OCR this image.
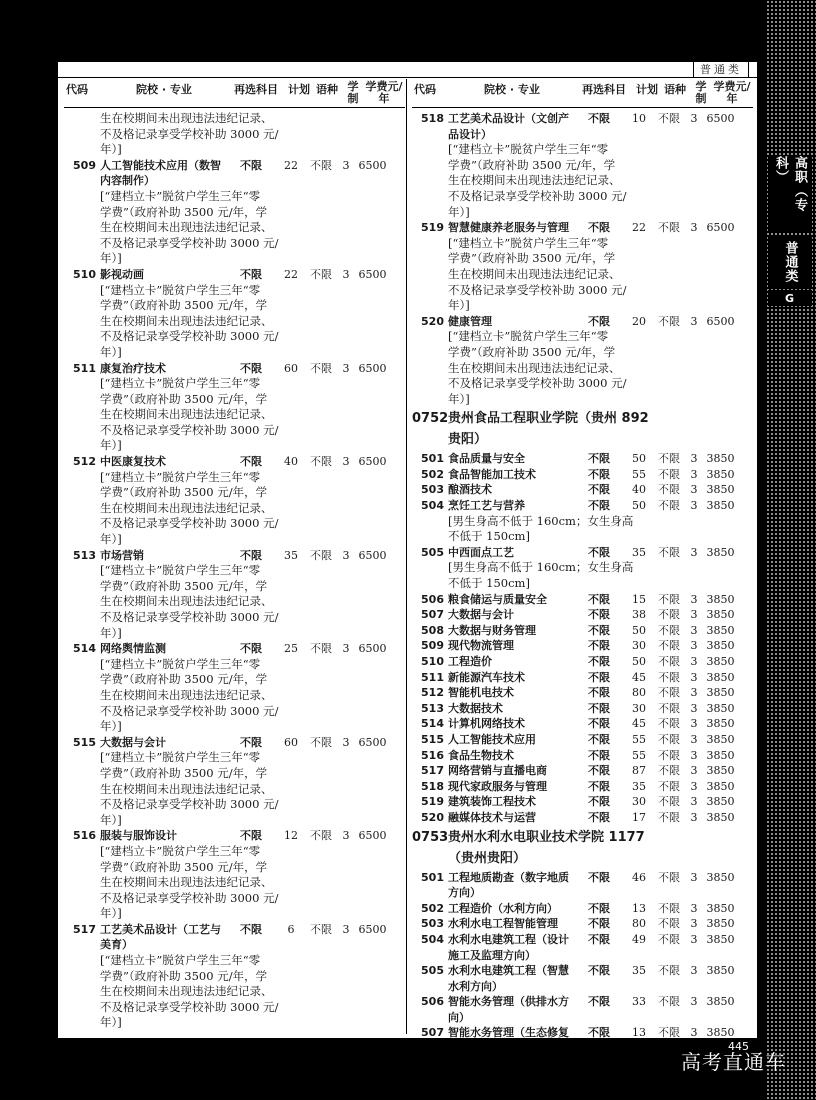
普通类
代码	院校 · 专业	再选科目 计划 语种 学制
学费元/年
生在校期间未出现违法违纪记录、
不及格记录享受学校补助 3000 元/
年）]
509 人工智能技术应用（数智	不限	22	不限 3 6500
内容制作）
[“建档立卡”脱贫户学生三年“零
学费”（政府补助 3500 元/年，学
生在校期间未出现违法违纪记录、
不及格记录享受学校补助 3000 元/
年）]
510 影视动画	不限	22	不限 3 6500
[“建档立卡”脱贫户学生三年“零
学费”（政府补助 3500 元/年，学
生在校期间未出现违法违纪记录、
不及格记录享受学校补助 3000 元/
年）]
511 康复治疗技术	不限	60	不限 3 6500
[“建档立卡”脱贫户学生三年“零
学费”（政府补助 3500 元/年，学
生在校期间未出现违法违纪记录、
不及格记录享受学校补助 3000 元/
年）]
512 中医康复技术	不限	40	不限 3 6500
[“建档立卡”脱贫户学生三年“零
学费”（政府补助 3500 元/年，学
生在校期间未出现违法违纪记录、
不及格记录享受学校补助 3000 元/
年）]
513 市场营销	不限	35	不限 3 6500
[“建档立卡”脱贫户学生三年“零
学费”（政府补助 3500 元/年，学
生在校期间未出现违法违纪记录、
不及格记录享受学校补助 3000 元/
年）]
514 网络舆情监测	不限	25	不限 3 6500
[“建档立卡”脱贫户学生三年“零
学费”（政府补助 3500 元/年，学
生在校期间未出现违法违纪记录、
不及格记录享受学校补助 3000 元/
年）]
515 大数据与会计	不限	60	不限 3 6500
[“建档立卡”脱贫户学生三年“零
学费”（政府补助 3500 元/年，学
生在校期间未出现违法违纪记录、
不及格记录享受学校补助 3000 元/
年）]
516 服装与服饰设计	不限	12	不限 3 6500
[“建档立卡”脱贫户学生三年“零
学费”（政府补助 3500 元/年，学
生在校期间未出现违法违纪记录、
不及格记录享受学校补助 3000 元/
年）]
517 工艺美术品设计（工艺与	不限	6	不限 3 6500
美育）
[“建档立卡”脱贫户学生三年“零
学费”（政府补助 3500 元/年，学
生在校期间未出现违法违纪记录、
不及格记录享受学校补助 3000 元/
年）]
代码	院校 · 专业	再选科目 计划 语种 学制
学费元/年
518 工艺美术品设计（文创产	不限	10	不限 3 6500
品设计）
[“建档立卡”脱贫户学生三年“零
学费”（政府补助 3500 元/年，学
生在校期间未出现违法违纪记录、
不及格记录享受学校补助 3000 元/
年）]
519 智慧健康养老服务与管理	不限	22	不限 3 6500
[“建档立卡”脱贫户学生三年“零
学费”（政府补助 3500 元/年，学
生在校期间未出现违法违纪记录、
不及格记录享受学校补助 3000 元/
年）]
520 健康管理	不限	20	不限 3 6500
[“建档立卡”脱贫户学生三年“零
学费”（政府补助 3500 元/年，学
生在校期间未出现违法违纪记录、
不及格记录享受学校补助 3000 元/
年）]
0752 贵州食品工程职业学院（贵州 892
贵阳）
501 食品质量与安全	不限	50	不限 3 3850
502 食品智能加工技术	不限	55	不限 3 3850
503 酿酒技术	不限	40	不限 3 3850
504 烹饪工艺与营养	不限	50	不限 3 3850
[男生身高不低于 160cm；女生身高
不低于 150cm]
505 中西面点工艺	不限	35	不限 3 3850
[男生身高不低于 160cm；女生身高
不低于 150cm]
506 粮食储运与质量安全	不限	15	不限 3 3850
507 大数据与会计	不限	38	不限 3 3850
508 大数据与财务管理	不限	50	不限 3 3850
509 现代物流管理	不限	30	不限 3 3850
510 工程造价	不限	50	不限 3 3850
511 新能源汽车技术	不限	45	不限 3 3850
512 智能机电技术	不限	80	不限 3 3850
513 大数据技术	不限	30	不限 3 3850
514 计算机网络技术	不限	45	不限 3 3850
515 人工智能技术应用	不限	55	不限 3 3850
516 食品生物技术	不限	55	不限 3 3850
517 网络营销与直播电商	不限	87	不限 3 3850
518 现代家政服务与管理	不限	35	不限 3 3850
519 建筑装饰工程技术	不限	30	不限 3 3850
520 融媒体技术与运营	不限	17	不限 3 3850
0753 贵州水利水电职业技术学院 1177
（贵州贵阳）
501 工程地质勘查（数字地质	不限	46	不限 3 3850
方向）
502 工程造价（水利方向）	不限	13	不限 3 3850
503 水利水电工程智能管理	不限	80	不限 3 3850
504 水利水电建筑工程（设计	不限	49	不限 3 3850
施工及监理方向）
505 水利水电建筑工程（智慧	不限	35	不限 3 3850
水利方向）
506 智能水务管理（供排水方	不限	33	不限 3 3850
向）
507 智能水务管理（生态修复	不限	13	不限 3 3850
高职（专科）
普通类
G
445
高考直通车
